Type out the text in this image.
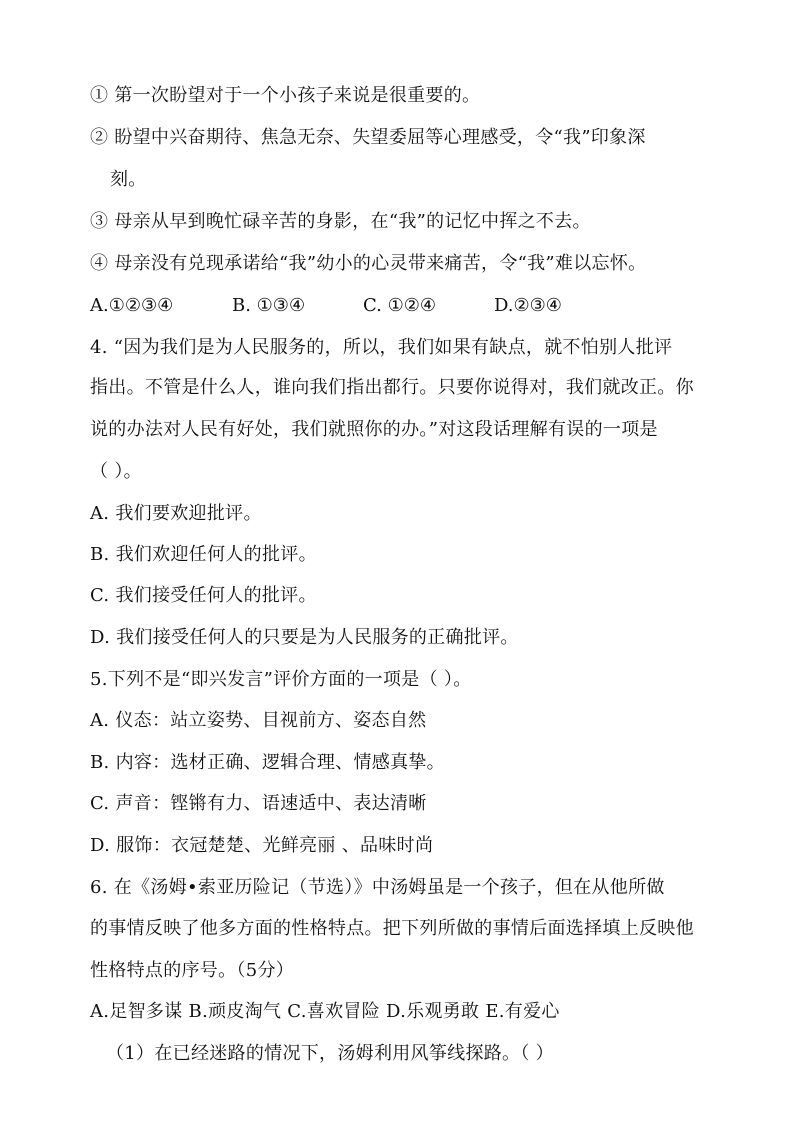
① 第一次盼望对于一个小孩子来说是很重要的。
② 盼望中兴奋期待、焦急无奈、失望委屈等心理感受，令“我”印象深
刻。
③ 母亲从早到晚忙碌辛苦的身影，在“我”的记忆中挥之不去。
④ 母亲没有兑现承诺给“我”幼小的心灵带来痛苦，令“我”难以忘怀。
A.①②③④	B. ①③④	C. ①②④	D.②③④
4. “因为我们是为人民服务的，所以，我们如果有缺点，就不怕别人批评
指出。不管是什么人，谁向我们指出都行。只要你说得对，我们就改正。你
说的办法对人民有好处，我们就照你的办。”对这段话理解有误的一项是
（ ）。
A. 我们要欢迎批评。
B. 我们欢迎任何人的批评。
C. 我们接受任何人的批评。
D. 我们接受任何人的只要是为人民服务的正确批评。
5.下列不是“即兴发言”评价方面的一项是（ ）。
A. 仪态：站立姿势、目视前方、姿态自然
B. 内容：选材正确、逻辑合理、情感真挚。
C. 声音：铿锵有力、语速适中、表达清晰
D. 服饰：衣冠楚楚、光鲜亮丽 、品味时尚
6. 在《汤姆•索亚历险记（节选）》中汤姆虽是一个孩子，但在从他所做
的事情反映了他多方面的性格特点。把下列所做的事情后面选择填上反映他
性格特点的序号。（5分）
A.足智多谋 B.顽皮淘气 C.喜欢冒险 D.乐观勇敢 E.有爱心
（1）在已经迷路的情况下，汤姆利用风筝线探路。（ ）
